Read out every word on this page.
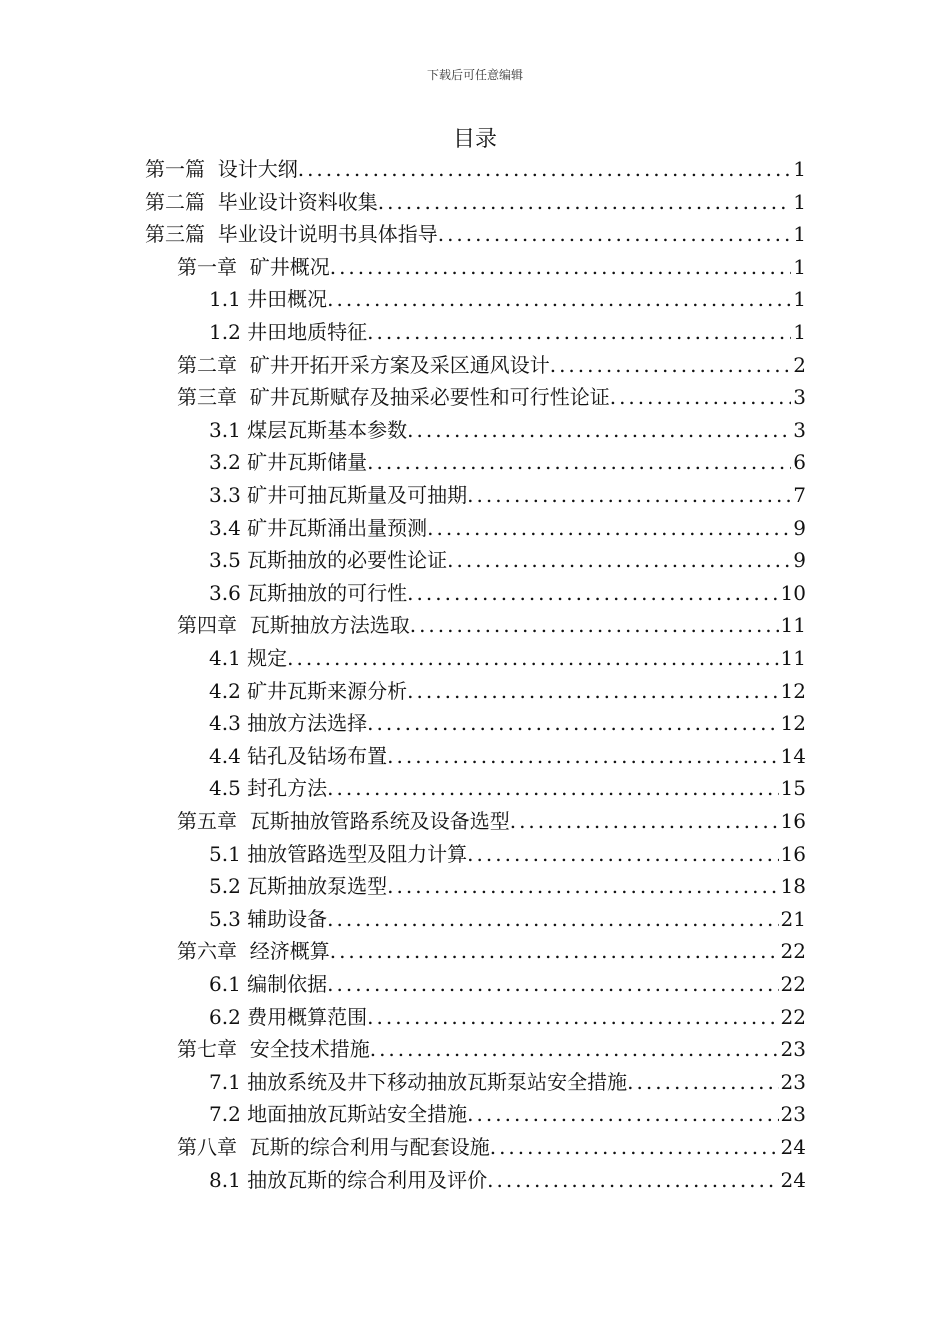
下载后可任意编辑
目录
第一篇  设计大纲 .....	1
第二篇  毕业设计资料收集 .....	1
第三篇  毕业设计说明书具体指导 .....	1
第一章  矿井概况 .....	1
1.1 井田概况 .....	1
1.2 井田地质特征 .....	1
第二章  矿井开拓开采方案及采区通风设计 .....	2
第三章  矿井瓦斯赋存及抽采必要性和可行性论证 .....	3
3.1 煤层瓦斯基本参数 .....	3
3.2 矿井瓦斯储量 .....	6
3.3 矿井可抽瓦斯量及可抽期 .....	7
3.4 矿井瓦斯涌出量预测 .....	9
3.5 瓦斯抽放的必要性论证 .....	9
3.6 瓦斯抽放的可行性 .....	10
第四章  瓦斯抽放方法选取 .....	11
4.1 规定 .....	11
4.2 矿井瓦斯来源分析 .....	12
4.3 抽放方法选择 .....	12
4.4 钻孔及钻场布置 .....	14
4.5 封孔方法 .....	15
第五章  瓦斯抽放管路系统及设备选型 .....	16
5.1 抽放管路选型及阻力计算 .....	16
5.2 瓦斯抽放泵选型 .....	18
5.3 辅助设备 .....	21
第六章  经济概算 .....	22
6.1 编制依据 .....	22
6.2 费用概算范围 .....	22
第七章  安全技术措施 .....	23
7.1 抽放系统及井下移动抽放瓦斯泵站安全措施 .....	23
7.2 地面抽放瓦斯站安全措施 .....	23
第八章  瓦斯的综合利用与配套设施 .....	24
8.1 抽放瓦斯的综合利用及评价 .....	24
